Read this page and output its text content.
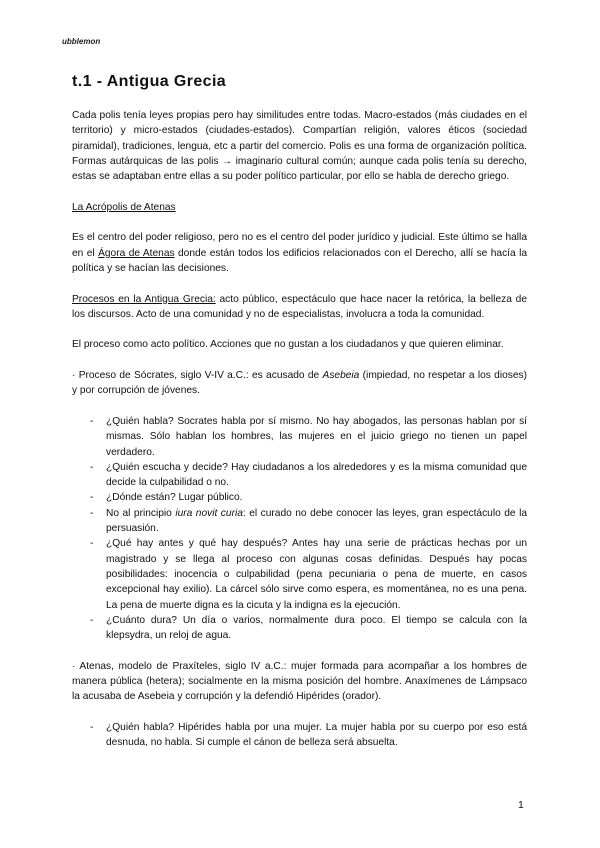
ubblemon
t.1 - Antigua Grecia

Cada polis tenía leyes propias pero hay similitudes entre todas. Macro-estados (más ciudades en el territorio) y micro-estados (ciudades-estados). Compartían religión, valores éticos (sociedad piramidal), tradiciones, lengua, etc a partir del comercio. Polis es una forma de organización política. Formas autárquicas de las polis → imaginario cultural común; aunque cada polis tenía su derecho, estas se adaptaban entre ellas a su poder político particular, por ello se habla de derecho griego.

La Acrópolis de Atenas

Es el centro del poder religioso, pero no es el centro del poder jurídico y judicial. Este último se halla en el Ágora de Atenas donde están todos los edificios relacionados con el Derecho, allí se hacía la política y se hacían las decisiones.

Procesos en la Antigua Grecia: acto público, espectáculo que hace nacer la retórica, la belleza de los discursos. Acto de una comunidad y no de especialistas, involucra a toda la comunidad.

El proceso como acto político. Acciones que no gustan a los ciudadanos y que quieren eliminar.

· Proceso de Sócrates, siglo V-IV a.C.: es acusado de Asebeia (impiedad, no respetar a los dioses) y por corrupción de jóvenes.

- ¿Quién habla? Socrates habla por sí mismo. No hay abogados, las personas hablan por sí mismas. Sólo hablan los hombres, las mujeres en el juicio griego no tienen un papel verdadero.
- ¿Quién escucha y decide? Hay ciudadanos a los alrededores y es la misma comunidad que decide la culpabilidad o no.
- ¿Dónde están? Lugar público.
- No al principio iura novit curia: el curado no debe conocer las leyes, gran espectáculo de la persuasión.
- ¿Qué hay antes y qué hay después? Antes hay una serie de prácticas hechas por un magistrado y se llega al proceso con algunas cosas definidas. Después hay pocas posibilidades: inocencia o culpabilidad (pena pecuniaria o pena de muerte, en casos excepcional hay exilio). La cárcel sólo sirve como espera, es momentánea, no es una pena. La pena de muerte digna es la cicuta y la indigna es la ejecución.
- ¿Cuánto dura? Un día o varios, normalmente dura poco. El tiempo se calcula con la klepsydra, un reloj de agua.

· Atenas, modelo de Praxíteles, siglo IV a.C.: mujer formada para acompañar a los hombres de manera pública (hetera); socialmente en la misma posición del hombre. Anaxímenes de Lámpsaco la acusaba de Asebeia y corrupción y la defendió Hipérides (orador).

- ¿Quién habla? Hipérides habla por una mujer. La mujer habla por su cuerpo por eso está desnuda, no habla. Si cumple el cánon de belleza será absuelta.
1
